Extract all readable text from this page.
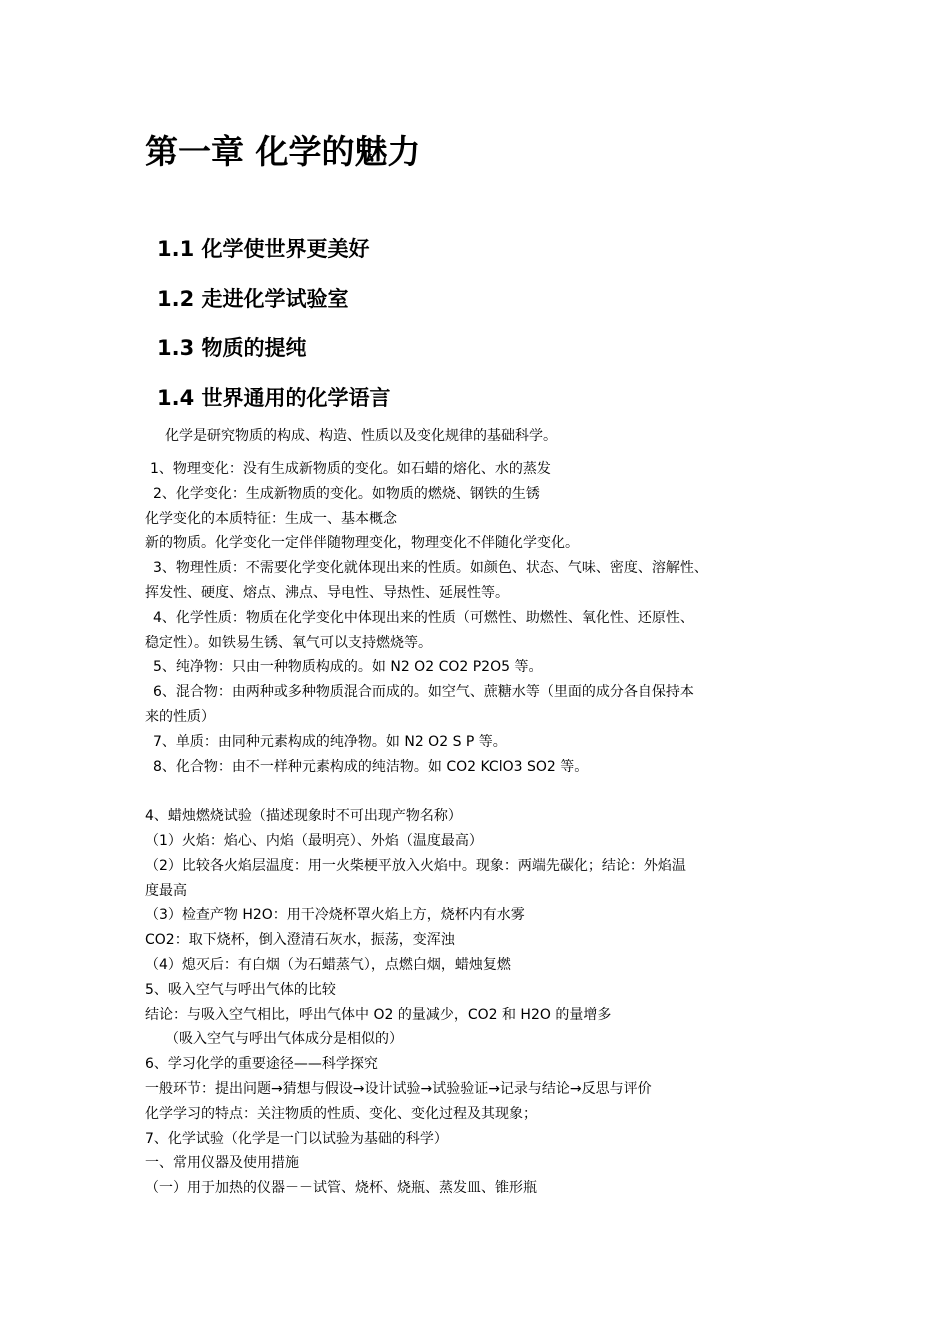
第一章 化学的魅力
1.1 化学使世界更美好
1.2 走进化学试验室
1.3 物质的提纯
1.4 世界通用的化学语言
化学是研究物质的构成、构造、性质以及变化规律的基础科学。
1、物理变化：没有生成新物质的变化。如石蜡的熔化、水的蒸发
2、化学变化：生成新物质的变化。如物质的燃烧、钢铁的生锈
化学变化的本质特征：生成一、基本概念
新的物质。化学变化一定伴伴随物理变化，物理变化不伴随化学变化。
3、物理性质：不需要化学变化就体现出来的性质。如颜色、状态、气味、密度、溶解性、
挥发性、硬度、熔点、沸点、导电性、导热性、延展性等。
4、化学性质：物质在化学变化中体现出来的性质（可燃性、助燃性、氧化性、还原性、
稳定性）。如铁易生锈、氧气可以支持燃烧等。
5、纯净物：只由一种物质构成的。如 N2 O2 CO2 P2O5 等。
6、混合物：由两种或多种物质混合而成的。如空气、蔗糖水等（里面的成分各自保持本
来的性质）
7、单质：由同种元素构成的纯净物。如 N2 O2 S P 等。
8、化合物：由不一样种元素构成的纯洁物。如 CO2 KClO3 SO2 等。
4、蜡烛燃烧试验（描述现象时不可出现产物名称）
（1）火焰：焰心、内焰（最明亮）、外焰（温度最高）
（2）比较各火焰层温度：用一火柴梗平放入火焰中。现象：两端先碳化；结论：外焰温
度最高
（3）检查产物 H2O：用干冷烧杯罩火焰上方，烧杯内有水雾
CO2：取下烧杯，倒入澄清石灰水，振荡，变浑浊
（4）熄灭后：有白烟（为石蜡蒸气），点燃白烟，蜡烛复燃
5、吸入空气与呼出气体的比较
结论：与吸入空气相比，呼出气体中 O2 的量减少，CO2 和 H2O 的量增多
（吸入空气与呼出气体成分是相似的）
6、学习化学的重要途径——科学探究
一般环节：提出问题→猜想与假设→设计试验→试验验证→记录与结论→反思与评价
化学学习的特点：关注物质的性质、变化、变化过程及其现象；
7、化学试验（化学是一门以试验为基础的科学）
一、常用仪器及使用措施
（一）用于加热的仪器－－试管、烧杯、烧瓶、蒸发皿、锥形瓶
